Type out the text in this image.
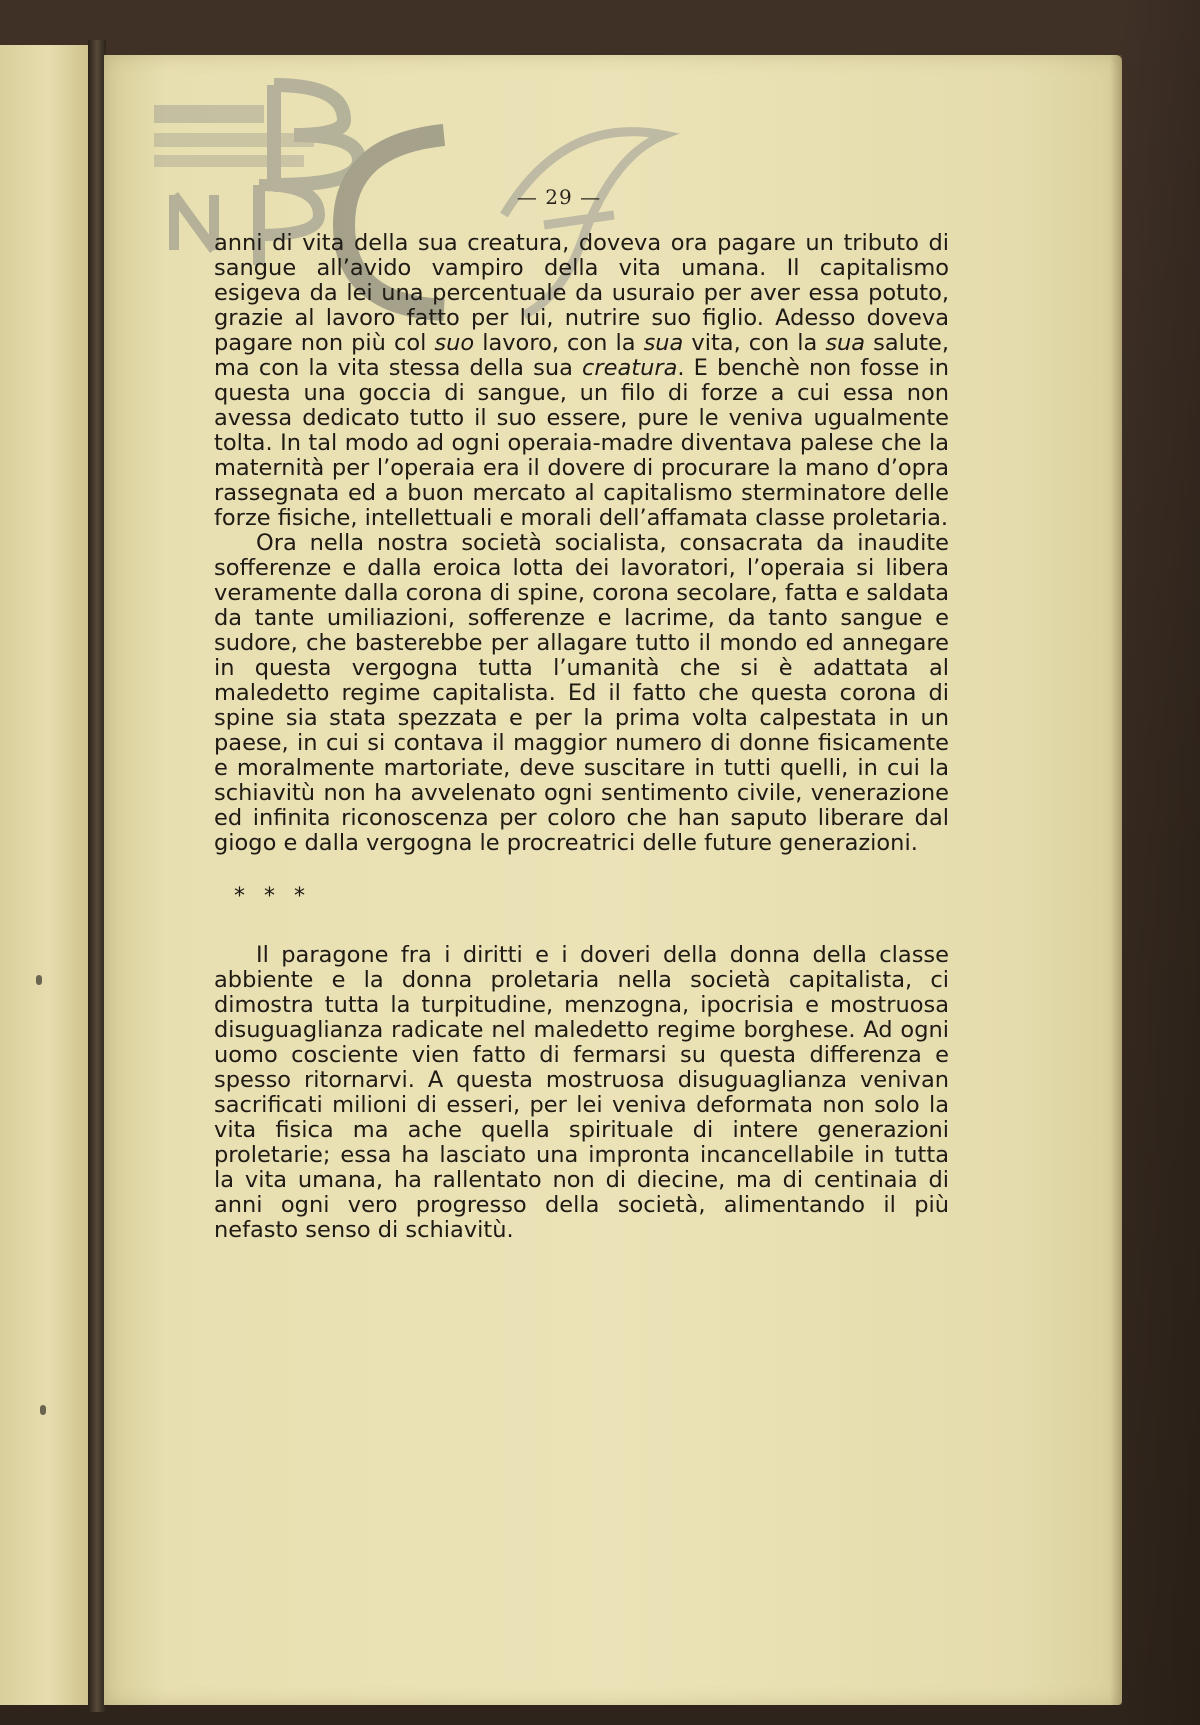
— 29 —

anni di vita della sua creatura, doveva ora pagare un tributo di sangue all’avido vampiro della vita umana. Il capitalismo esigeva da lei una percentuale da usuraio per aver essa potuto, grazie al lavoro fatto per lui, nutrire suo figlio. Adesso doveva pagare non più col suo lavoro, con la sua vita, con la sua salute, ma con la vita stessa della sua creatura. E benchè non fosse in questa una goccia di sangue, un filo di forze a cui essa non avessa dedicato tutto il suo essere, pure le veniva ugualmente tolta. In tal modo ad ogni operaia-madre diventava palese che la maternità per l’operaia era il dovere di procurare la mano d’opra rassegnata ed a buon mercato al capitalismo sterminatore delle forze fisiche, intellettuali e morali dell’affamata classe proletaria.

Ora nella nostra società socialista, consacrata da inaudite sofferenze e dalla eroica lotta dei lavoratori, l’operaia si libera veramente dalla corona di spine, corona secolare, fatta e saldata da tante umiliazioni, sofferenze e lacrime, da tanto sangue e sudore, che basterebbe per allagare tutto il mondo ed annegare in questa vergogna tutta l’umanità che si è adattata al maledetto regime capitalista. Ed il fatto che questa corona di spine sia stata spezzata e per la prima volta calpestata in un paese, in cui si contava il maggior numero di donne fisicamente e moralmente martoriate, deve suscitare in tutti quelli, in cui la schiavitù non ha avvelenato ogni sentimento civile, venerazione ed infinita riconoscenza per coloro che han saputo liberare dal giogo e dalla vergogna le procreatrici delle future generazioni.

* * *

Il paragone fra i diritti e i doveri della donna della classe abbiente e la donna proletaria nella società capitalista, ci dimostra tutta la turpitudine, menzogna, ipocrisia e mostruosa disuguaglianza radicate nel maledetto regime borghese. Ad ogni uomo cosciente vien fatto di fermarsi su questa differenza e spesso ritornarvi. A questa mostruosa disuguaglianza venivan sacrificati milioni di esseri, per lei veniva deformata non solo la vita fisica ma ache quella spirituale di intere generazioni proletarie; essa ha lasciato una impronta incancellabile in tutta la vita umana, ha rallentato non di diecine, ma di centinaia di anni ogni vero progresso della società, alimentando il più nefasto senso di schiavitù.
